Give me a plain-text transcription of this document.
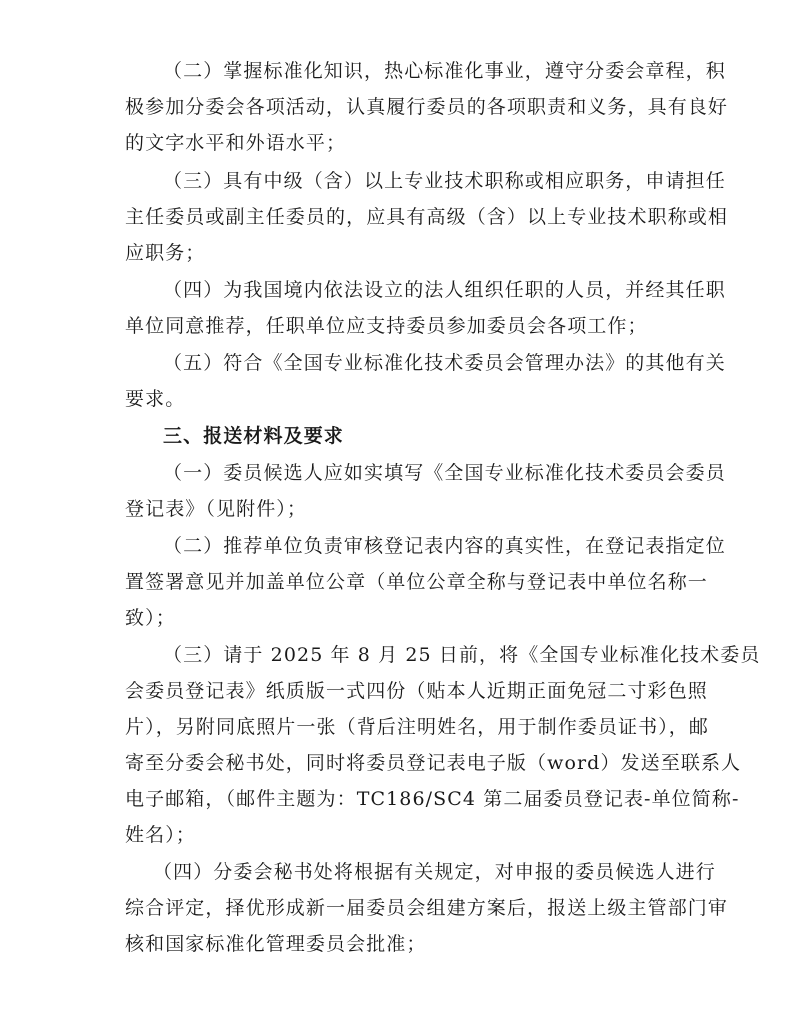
（二）掌握标准化知识，热心标准化事业，遵守分委会章程，积
极参加分委会各项活动，认真履行委员的各项职责和义务，具有良好
的文字水平和外语水平；
（三）具有中级（含）以上专业技术职称或相应职务，申请担任
主任委员或副主任委员的，应具有高级（含）以上专业技术职称或相
应职务；
（四）为我国境内依法设立的法人组织任职的人员，并经其任职
单位同意推荐，任职单位应支持委员参加委员会各项工作；
（五）符合《全国专业标准化技术委员会管理办法》的其他有关
要求。
三、报送材料及要求
（一）委员候选人应如实填写《全国专业标准化技术委员会委员
登记表》（见附件）；
（二）推荐单位负责审核登记表内容的真实性，在登记表指定位
置签署意见并加盖单位公章（单位公章全称与登记表中单位名称一
致）；
（三）请于 2025 年 8 月 25 日前，将《全国专业标准化技术委员
会委员登记表》纸质版一式四份（贴本人近期正面免冠二寸彩色照
片），另附同底照片一张（背后注明姓名，用于制作委员证书），邮
寄至分委会秘书处，同时将委员登记表电子版（word）发送至联系人
电子邮箱，（邮件主题为：TC186/SC4 第二届委员登记表-单位简称-
姓名）；
（四）分委会秘书处将根据有关规定，对申报的委员候选人进行
综合评定，择优形成新一届委员会组建方案后，报送上级主管部门审
核和国家标准化管理委员会批准；
